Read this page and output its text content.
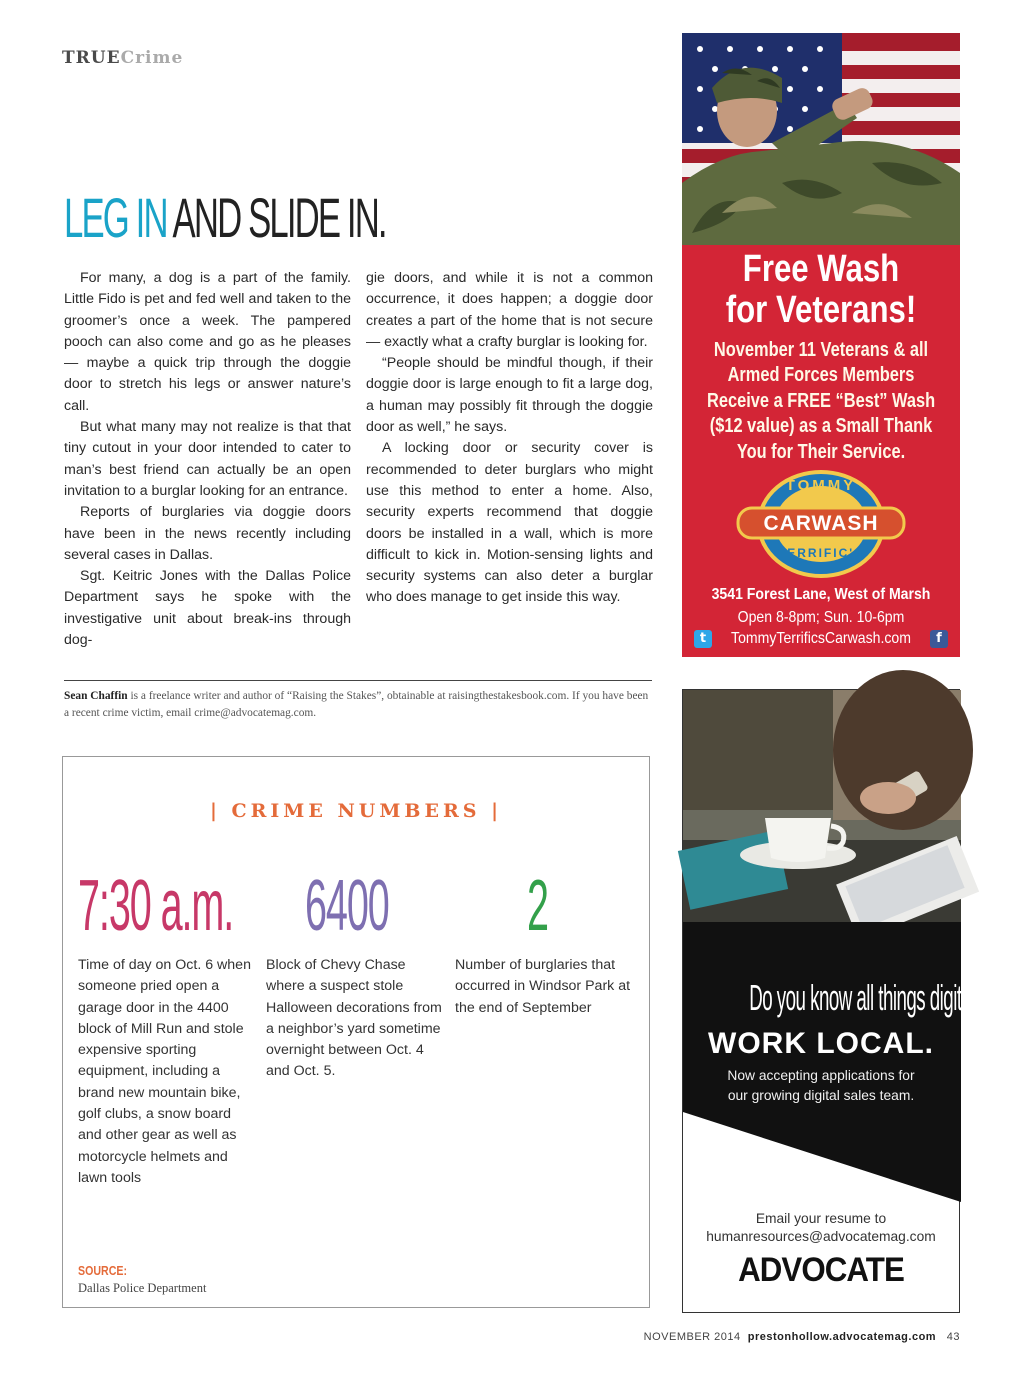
TRUECrime
LEG IN AND SLIDE IN.

For many, a dog is a part of the family. Little Fido is pet and fed well and taken to the groomer’s once a week. The pampered pooch can also come and go as he pleases — maybe a quick trip through the doggie door to stretch his legs or answer nature’s call.

But what many may not realize is that that tiny cutout in your door intended to cater to man’s best friend can actually be an open invitation to a burglar looking for an entrance.

Reports of burglaries via doggie doors have been in the news recently including several cases in Dallas.

Sgt. Keitric Jones with the Dallas Police Department says he spoke with the investigative unit about break-ins through dog-

gie doors, and while it is not a common occurrence, it does happen; a doggie door creates a part of the home that is not secure — exactly what a crafty burglar is looking for.

“People should be mindful though, if their doggie door is large enough to fit a large dog, a human may possibly fit through the doggie door as well,” he says.

A locking door or security cover is recommended to deter burglars who might use this method to enter a home. Also, security experts recommend that doggie doors be installed in a wall, which is more difficult to kick in. Motion-sensing lights and security systems can also deter a burglar who does manage to get inside this way.

Sean Chaffin is a freelance writer and author of “Raising the Stakes”, obtainable at raisingthestakesbook.com. If you have been a recent crime victim, email crime@advocatemag.com.
| CRIME NUMBERS |
7:30 a.m. 6400 2
Time of day on Oct. 6 when someone pried open a garage door in the 4400 block of Mill Run and stole expensive sporting equipment, including a brand new mountain bike, golf clubs, a snow board and other gear as well as motorcycle helmets and lawn tools
Block of Chevy Chase where a suspect stole Halloween decorations from a neighbor’s yard sometime overnight between Oct. 4 and Oct. 5.
Number of burglaries that occurred in Windsor Park at the end of September
SOURCE:
Dallas Police Department
Free Wash
for Veterans!
November 11 Veterans & all
Armed Forces Members
Receive a FREE “Best” Wash
($12 value) as a Small Thank
You for Their Service.
TOMMY
CARWASH
TERRIFIC'S
3541 Forest Lane, West of Marsh
Open 8-8pm; Sun. 10-6pm
TommyTerrificsCarwash.com
t	f
Do you know all things digital?
WORK LOCAL.
Now accepting applications for
our growing digital sales team.
Email your resume to
humanresources@advocatemag.com
ADVOCATE
NOVEMBER 2014 prestonhollow.advocatemag.com 43
